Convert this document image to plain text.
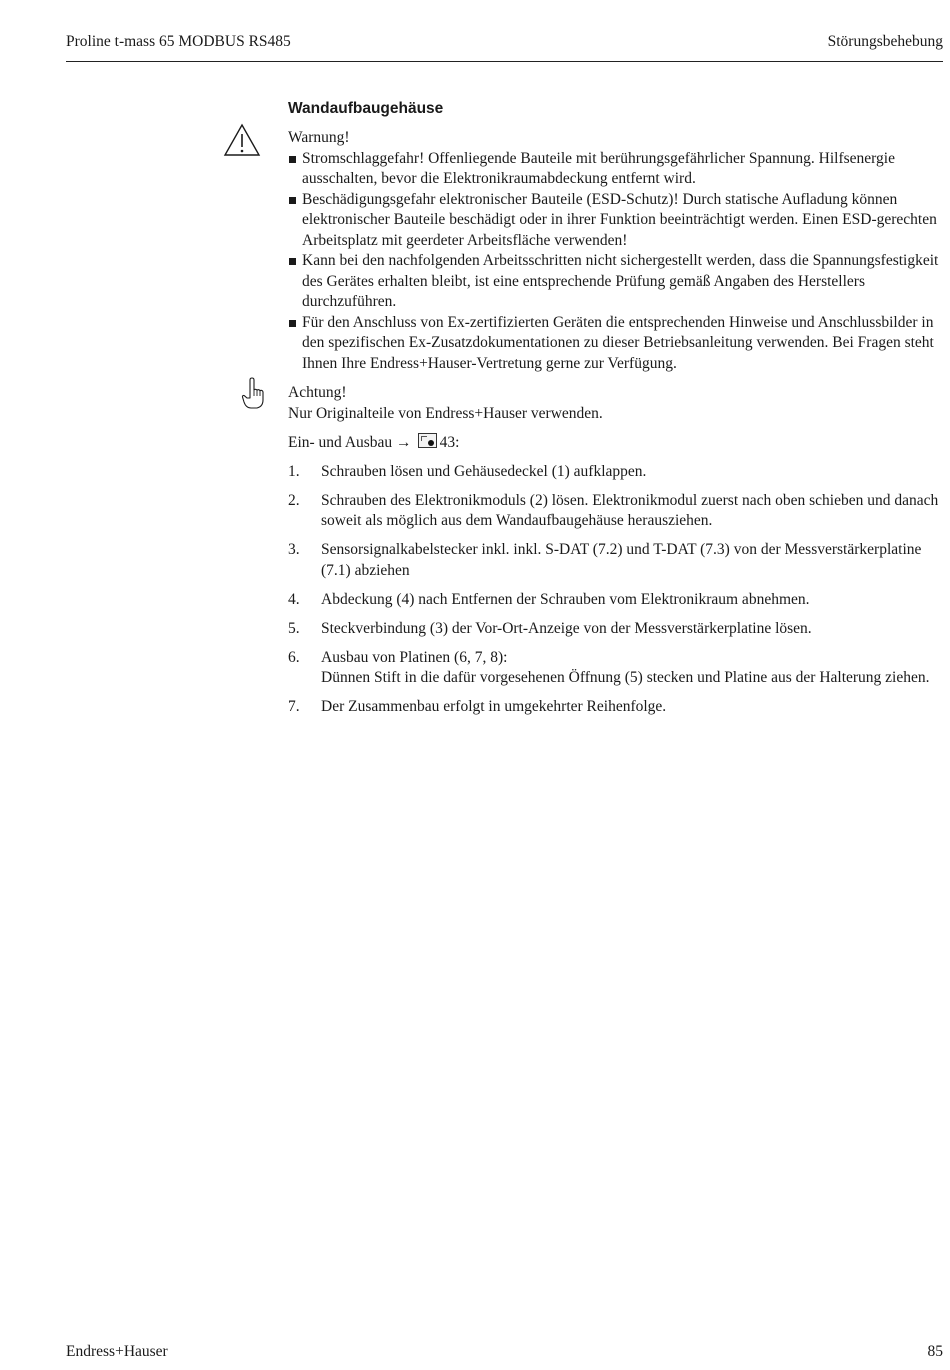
Proline t-mass 65 MODBUS RS485	Störungsbehebung
Wandaufbaugehäuse

Warnung!

Stromschlaggefahr! Offenliegende Bauteile mit berührungsgefährlicher Spannung. Hilfsenergie ausschalten, bevor die Elektronikraumabdeckung entfernt wird.
Beschädigungsgefahr elektronischer Bauteile (ESD-Schutz)! Durch statische Aufladung können elektronischer Bauteile beschädigt oder in ihrer Funktion beeinträchtigt werden. Einen ESD-gerechten Arbeitsplatz mit geerdeter Arbeitsfläche verwenden!
Kann bei den nachfolgenden Arbeitsschritten nicht sichergestellt werden, dass die Spannungsfestigkeit des Gerätes erhalten bleibt, ist eine entsprechende Prüfung gemäß Angaben des Herstellers durchzuführen.
Für den Anschluss von Ex-zertifizierten Geräten die entsprechenden Hinweise und Anschlussbilder in den spezifischen Ex-Zusatzdokumentationen zu dieser Betriebsanleitung verwenden. Bei Fragen steht Ihnen Ihre Endress+Hauser-Vertretung gerne zur Verfügung.

Achtung!

Nur Originalteile von Endress+Hauser verwenden.

Ein- und Ausbau → 43:

1. Schrauben lösen und Gehäusedeckel (1) aufklappen.
2. Schrauben des Elektronikmoduls (2) lösen. Elektronikmodul zuerst nach oben schieben und danach soweit als möglich aus dem Wandaufbaugehäuse herausziehen.
3. Sensorsignalkabelstecker inkl. inkl. S-DAT (7.2) und T-DAT (7.3) von der Messverstärkerplatine (7.1) abziehen
4. Abdeckung (4) nach Entfernen der Schrauben vom Elektronikraum abnehmen.
5. Steckverbindung (3) der Vor-Ort-Anzeige von der Messverstärkerplatine lösen.
6. Ausbau von Platinen (6, 7, 8):
Dünnen Stift in die dafür vorgesehenen Öffnung (5) stecken und Platine aus der Halterung ziehen.
7. Der Zusammenbau erfolgt in umgekehrter Reihenfolge.
Endress+Hauser	85
